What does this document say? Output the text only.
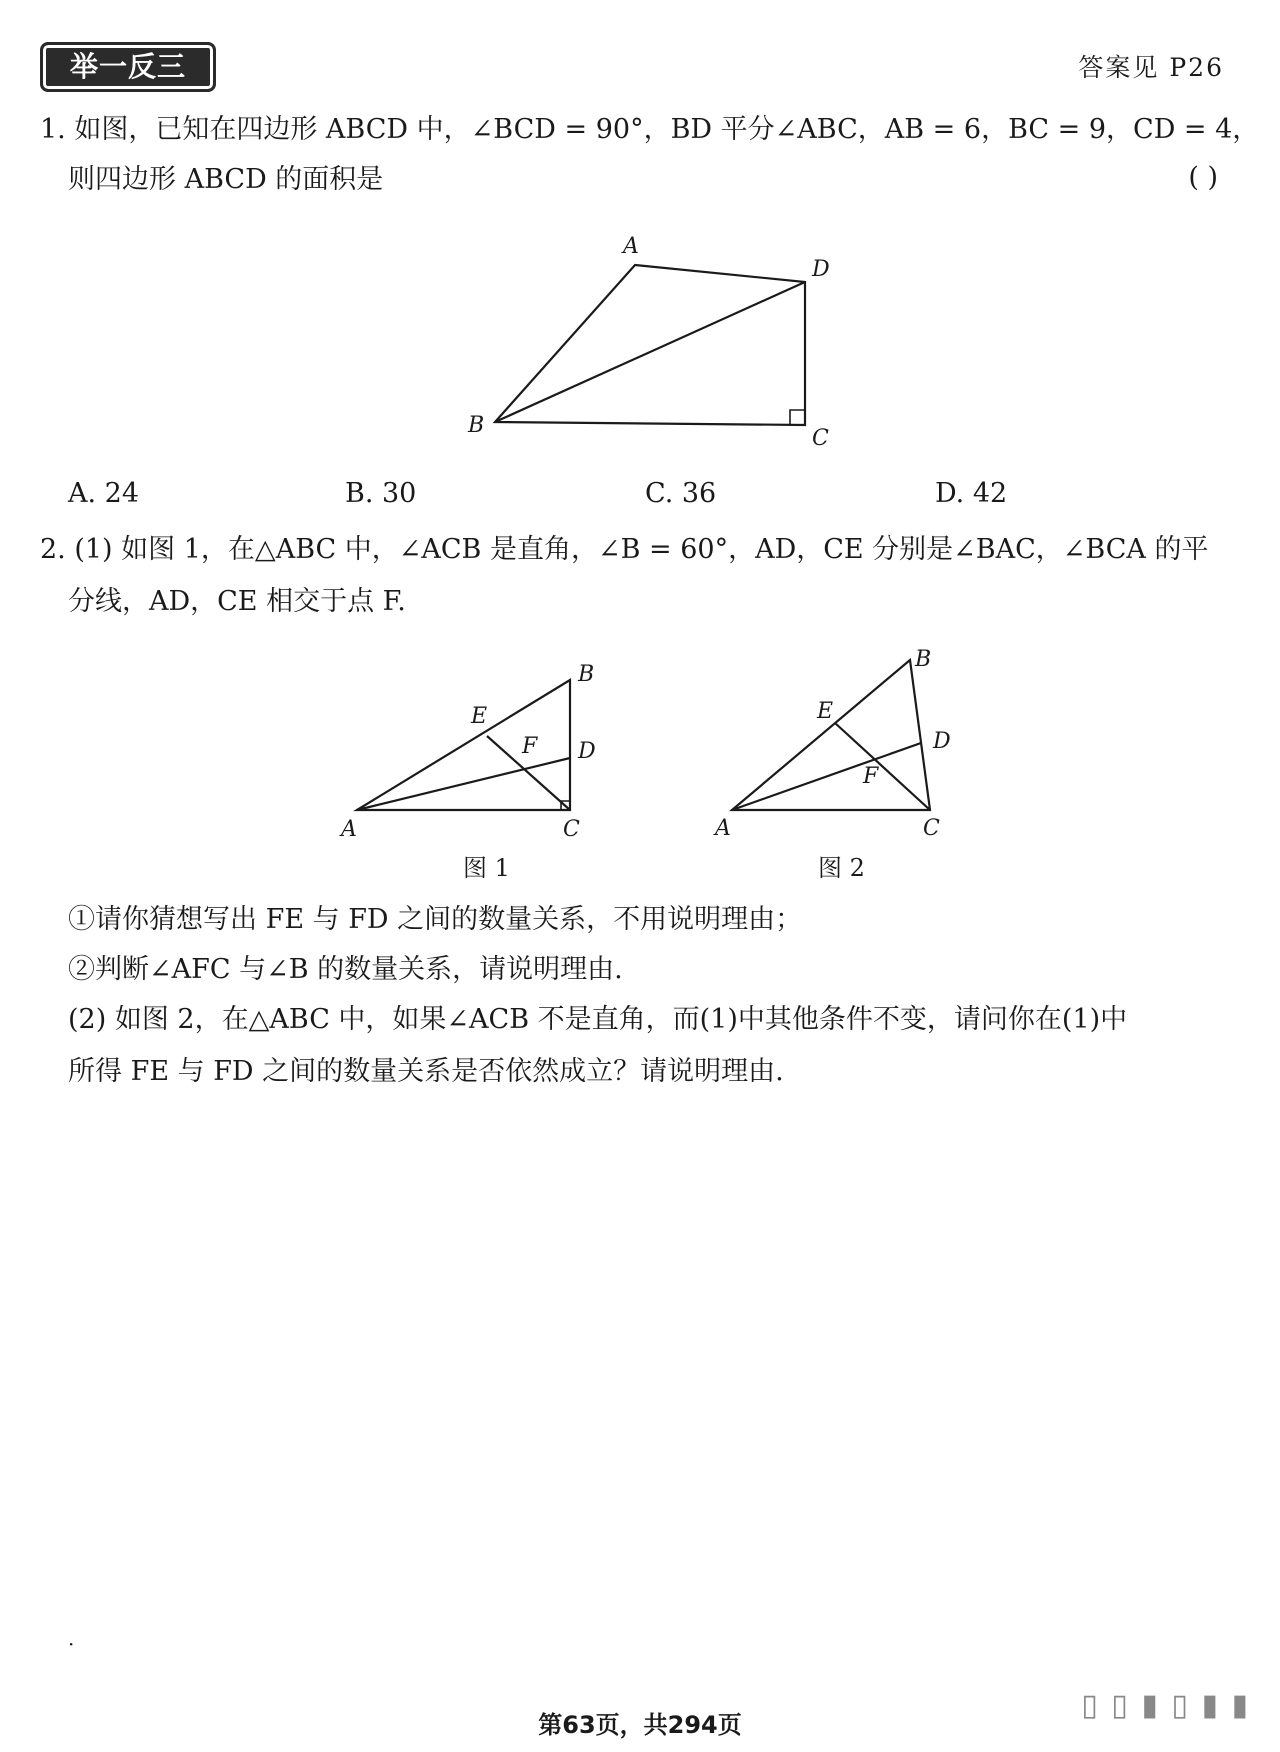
举一反三	答案见 P26
1. 如图，已知在四边形 ABCD 中，∠BCD = 90°，BD 平分∠ABC，AB = 6，BC = 9，CD = 4，
则四边形 ABCD 的面积是	( )
A
D
B
C
A. 24	B. 30	C. 36	D. 42
2. (1) 如图 1，在△ABC 中，∠ACB 是直角，∠B = 60°，AD，CE 分别是∠BAC，∠BCA 的平
分线，AD，CE 相交于点 F.
B
E
F D
A	C
图 1
B
E
D
F
A	C
图 2
①请你猜想写出 FE 与 FD 之间的数量关系，不用说明理由；
②判断∠AFC 与∠B 的数量关系，请说明理由.
(2) 如图 2，在△ABC 中，如果∠ACB 不是直角，而(1)中其他条件不变，请问你在(1)中
所得 FE 与 FD 之间的数量关系是否依然成立？请说明理由.
·
▯ ▯ ▮ ▯ ▮ ▮
第63页，共294页
